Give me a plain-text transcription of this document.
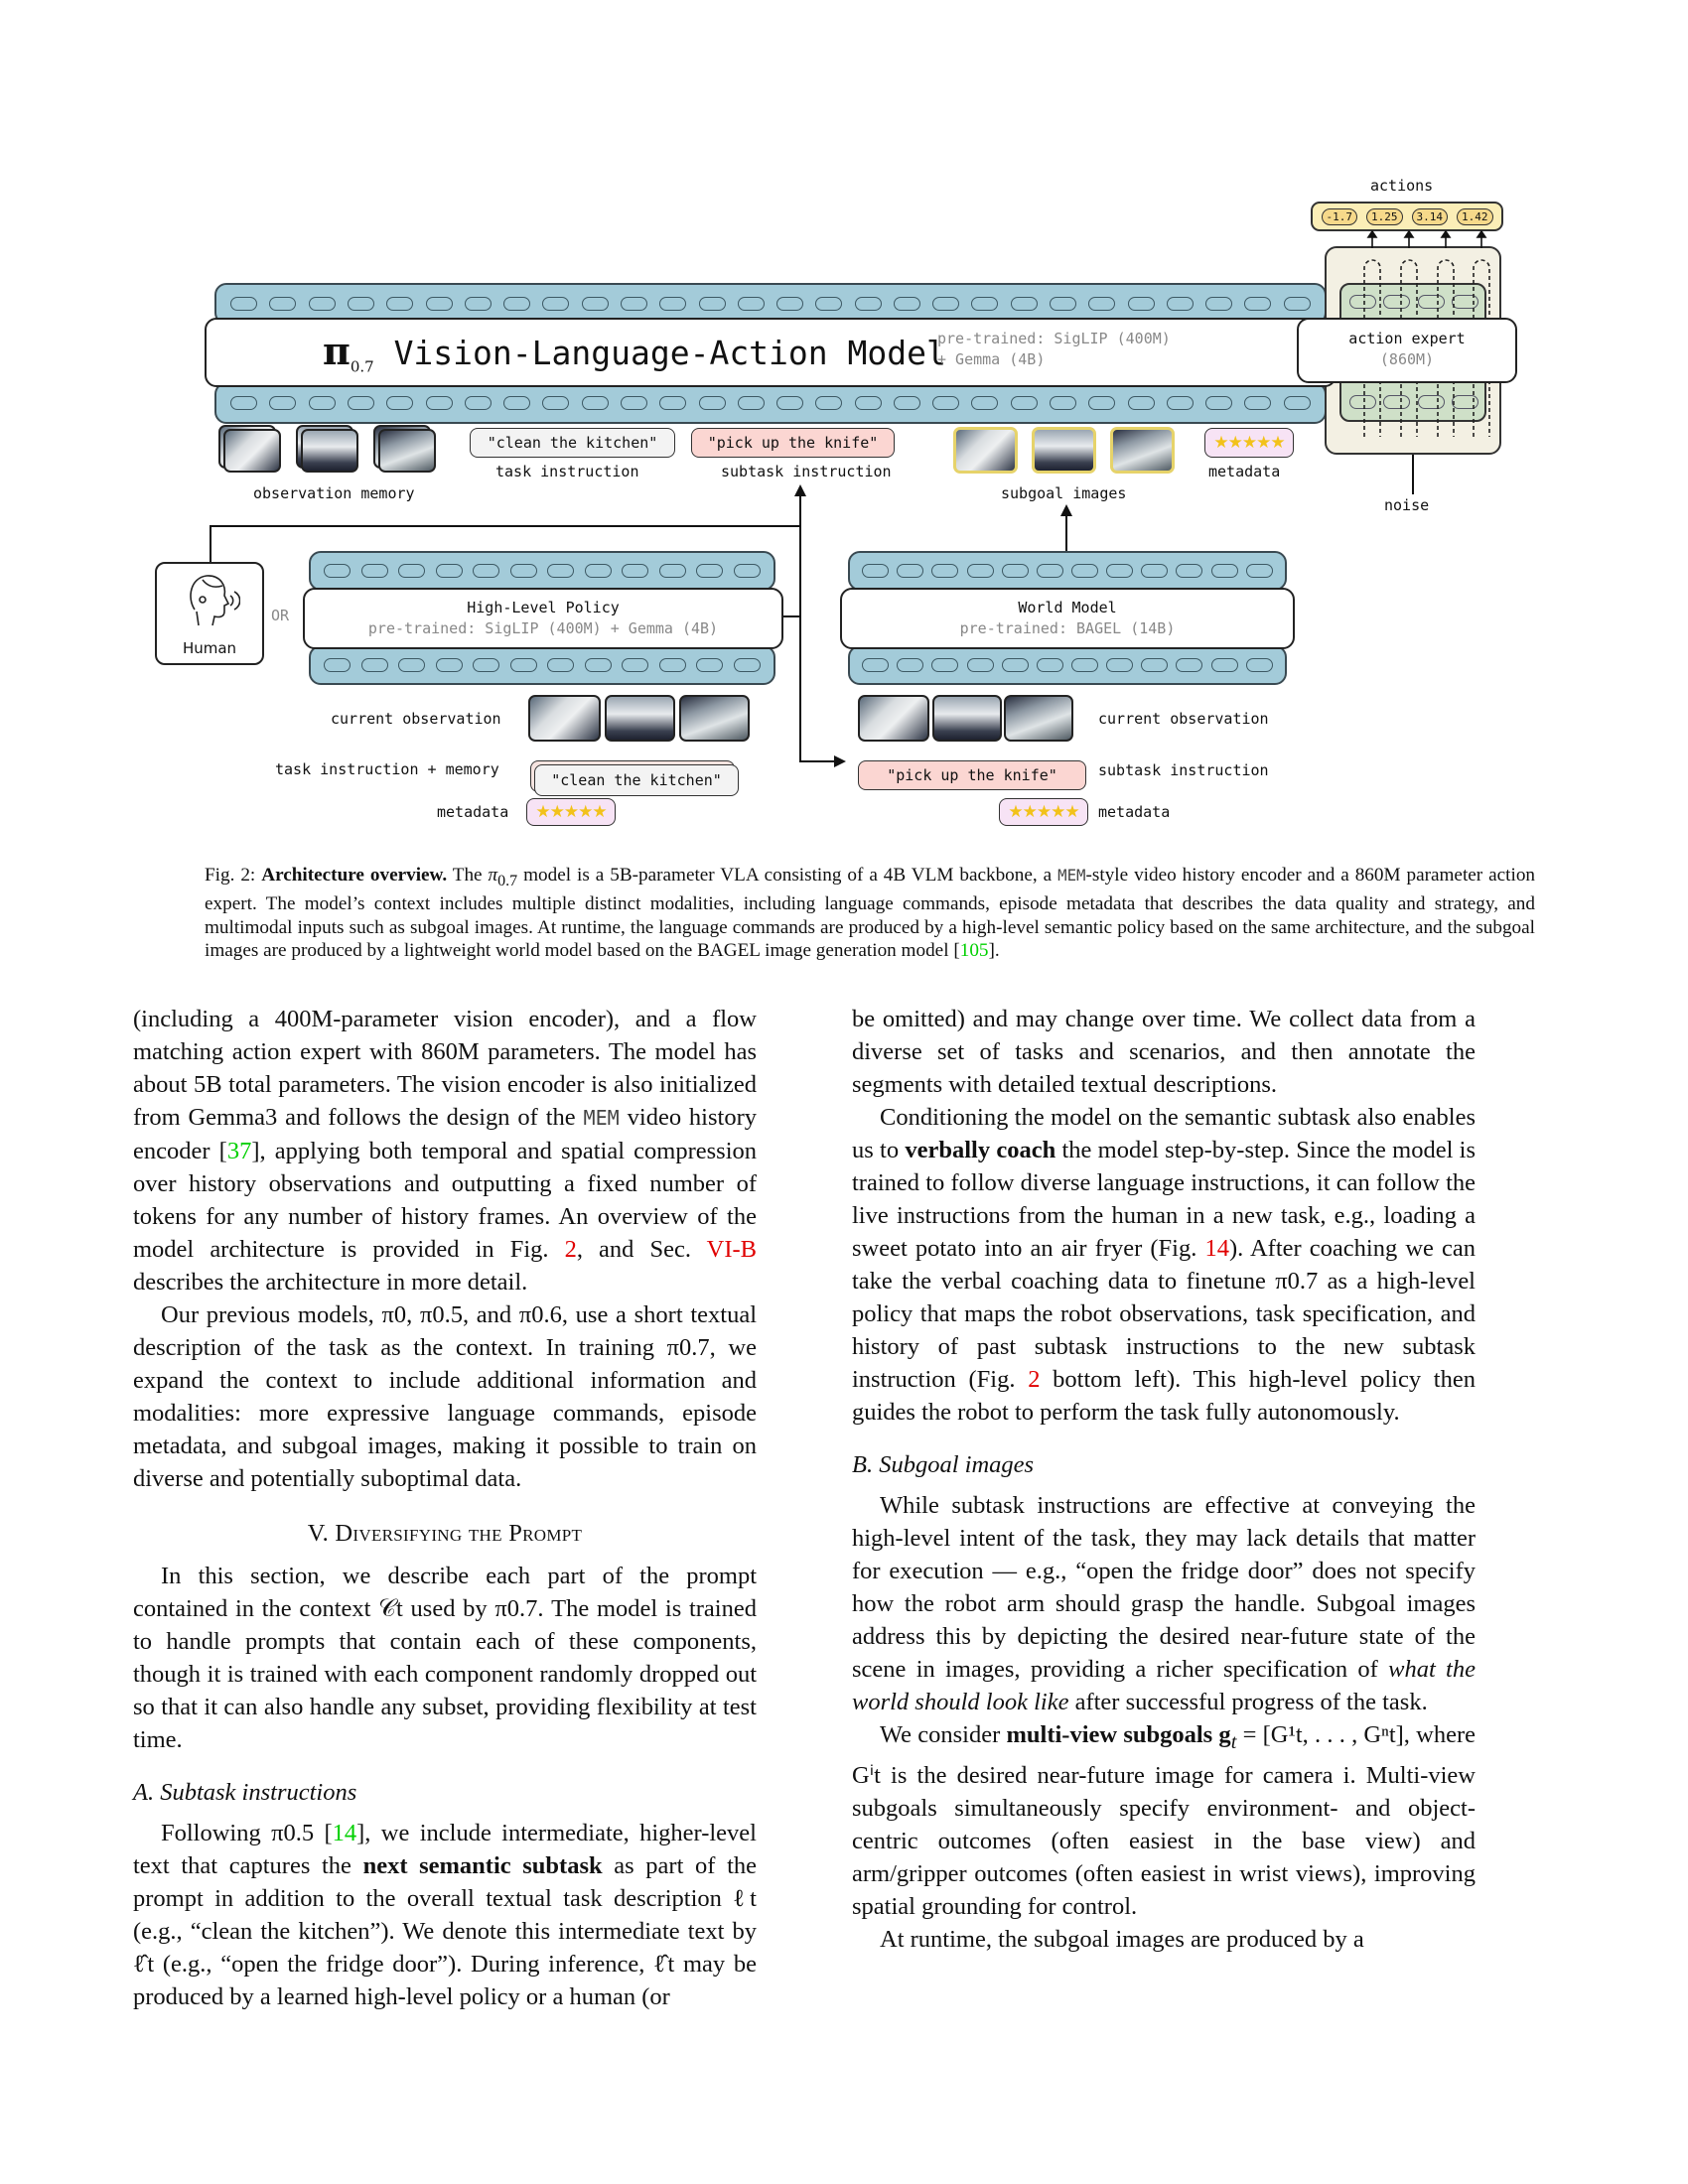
$\pi_{0.7}$ Vision-Language-Action Model
pre-trained: SigLIP (400M)
+ Gemma (4B)
action expert
(860M)
actions
-1.7	1.25	3.14	1.42
noise
observation memory
"clean the kitchen"
task instruction
"pick up the knife"
subtask instruction
subgoal images
★★★★★
metadata
Human
OR	High-Level Policy
pre-trained: SigLIP (400M) + Gemma (4B)
current observation
task instruction + memory
"clean the kitchen"
metadata	★★★★★
World Model
pre-trained: BAGEL (14B)
current observation
"pick up the knife"	subtask instruction
★★★★★	metadata
Fig. 2: Architecture overview. The $\pi_{0.7}$ model is a 5B-parameter VLA consisting of a 4B VLM backbone, a MEM-style video history encoder and a 860M parameter action expert. The model’s context includes multiple distinct modalities, including language commands, episode metadata that describes the data quality and strategy, and multimodal inputs such as subgoal images. At runtime, the language commands are produced by a high-level semantic policy based on the same architecture, and the subgoal images are produced by a lightweight world model based on the BAGEL image generation model [105].

(including a 400M-parameter vision encoder), and a flow matching action expert with 860M parameters. The model has about 5B total parameters. The vision encoder is also initialized from Gemma3 and follows the design of the MEM video history encoder [37], applying both temporal and spatial compression over history observations and outputting a fixed number of tokens for any number of history frames. An overview of the model architecture is provided in Fig. 2, and Sec. VI-B describes the architecture in more detail.

Our previous models, π0, π0.5, and π0.6, use a short textual description of the task as the context. In training π0.7, we expand the context to include additional information and modalities: more expressive language commands, episode metadata, and subgoal images, making it possible to train on diverse and potentially suboptimal data.

V. Diversifying the Prompt

In this section, we describe each part of the prompt contained in the context 𝒞t used by π0.7. The model is trained to handle prompts that contain each of these components, though it is trained with each component randomly dropped out so that it can also handle any subset, providing flexibility at test time.

A. Subtask instructions

Following π0.5 [14], we include intermediate, higher-level text that captures the next semantic subtask as part of the prompt in addition to the overall textual task description ℓt (e.g., “clean the kitchen”). We denote this intermediate text by ℓ̂t (e.g., “open the fridge door”). During inference, ℓ̂t may be produced by a learned high-level policy or a human (or

be omitted) and may change over time. We collect data from a diverse set of tasks and scenarios, and then annotate the segments with detailed textual descriptions.

Conditioning the model on the semantic subtask also enables us to verbally coach the model step-by-step. Since the model is trained to follow diverse language instructions, it can follow the live instructions from the human in a new task, e.g., loading a sweet potato into an air fryer (Fig. 14). After coaching we can take the verbal coaching data to finetune π0.7 as a high-level policy that maps the robot observations, task specification, and history of past subtask instructions to the new subtask instruction (Fig. 2 bottom left). This high-level policy then guides the robot to perform the task fully autonomously.

B. Subgoal images

While subtask instructions are effective at conveying the high-level intent of the task, they may lack details that matter for execution — e.g., “open the fridge door” does not specify how the robot arm should grasp the handle. Subgoal images address this by depicting the desired near-future state of the scene in images, providing a richer specification of what the world should look like after successful progress of the task.

We consider multi-view subgoals $g_t = [G^1t$, . . . , Gⁿt], where Gⁱt is the desired near-future image for camera i. Multi-view subgoals simultaneously specify environment- and object-centric outcomes (often easiest in the base view) and arm/gripper outcomes (often easiest in wrist views), improving spatial grounding for control.

At runtime, the subgoal images are produced by a
